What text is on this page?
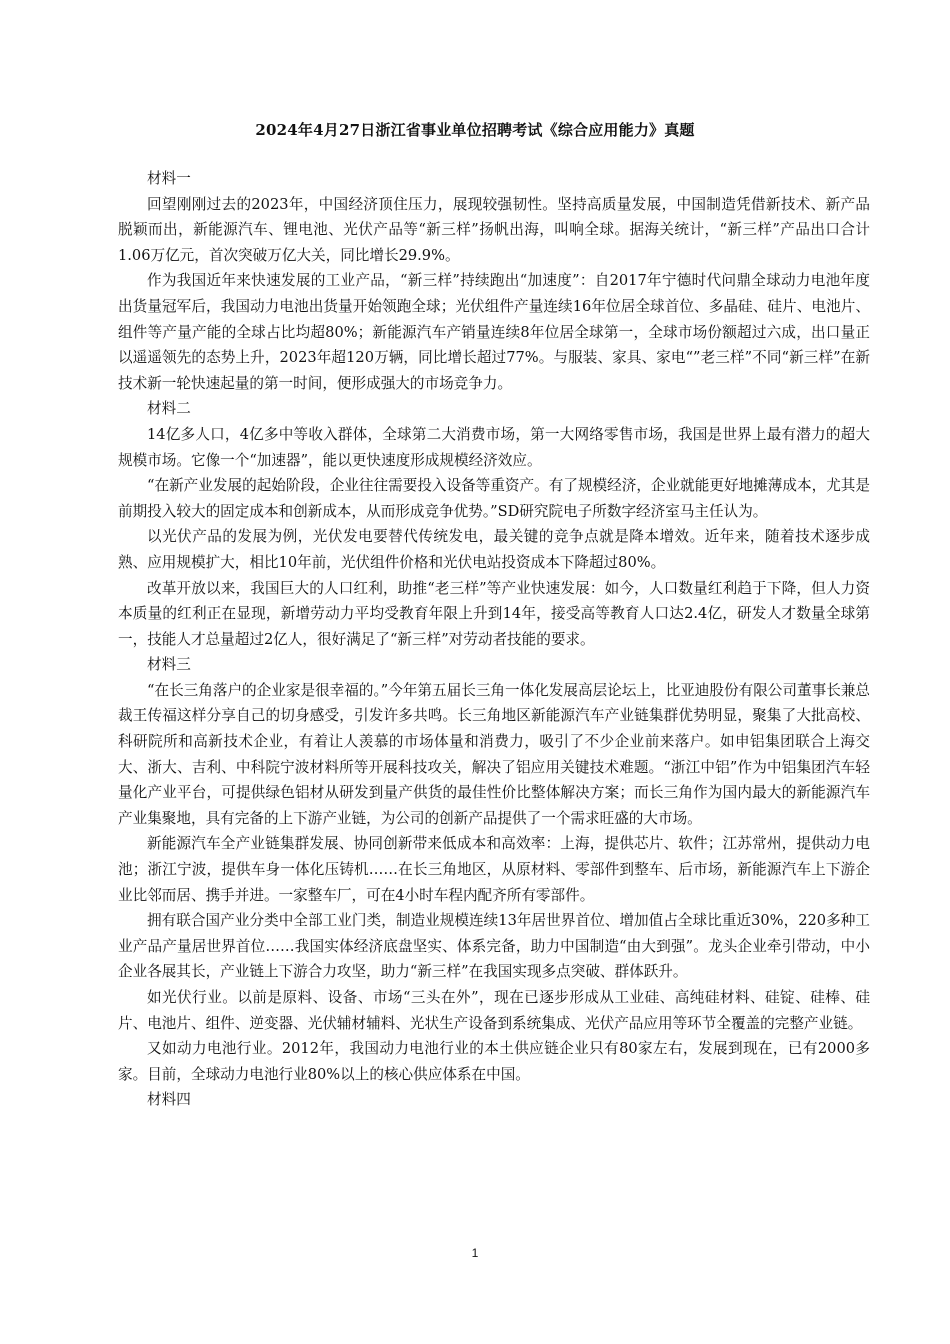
2024年4月27日浙江省事业单位招聘考试《综合应用能力》真题

材料一

回望刚刚过去的2023年，中国经济顶住压力，展现较强韧性。坚持高质量发展，中国制造凭借新技术、新产品脱颖而出，新能源汽车、锂电池、光伏产品等“新三样”扬帆出海，叫响全球。据海关统计，“新三样”产品出口合计1.06万亿元，首次突破万亿大关，同比增长29.9%。

作为我国近年来快速发展的工业产品，“新三样”持续跑出“加速度”：自2017年宁德时代问鼎全球动力电池年度出货量冠军后，我国动力电池出货量开始领跑全球；光伏组件产量连续16年位居全球首位、多晶硅、硅片、电池片、组件等产量产能的全球占比均超80%；新能源汽车产销量连续8年位居全球第一，全球市场份额超过六成，出口量正以遥遥领先的态势上升，2023年超120万辆，同比增长超过77%。与服装、家具、家电“”老三样”不同“新三样”在新技术新一轮快速起量的第一时间，便形成强大的市场竞争力。

材料二

14亿多人口，4亿多中等收入群体，全球第二大消费市场，第一大网络零售市场，我国是世界上最有潜力的超大规模市场。它像一个“加速器”，能以更快速度形成规模经济效应。

“在新产业发展的起始阶段，企业往往需要投入设备等重资产。有了规模经济，企业就能更好地摊薄成本，尤其是前期投入较大的固定成本和创新成本，从而形成竞争优势。”SD研究院电子所数字经济室马主任认为。

以光伏产品的发展为例，光伏发电要替代传统发电，最关键的竞争点就是降本增效。近年来，随着技术逐步成熟、应用规模扩大，相比10年前，光伏组件价格和光伏电站投资成本下降超过80%。

改革开放以来，我国巨大的人口红利，助推“老三样”等产业快速发展：如今，人口数量红利趋于下降，但人力资本质量的红利正在显现，新增劳动力平均受教育年限上升到14年，接受高等教育人口达2.4亿，研发人才数量全球第一，技能人才总量超过2亿人，很好满足了“新三样”对劳动者技能的要求。

材料三

“在长三角落户的企业家是很幸福的。”今年第五届长三角一体化发展高层论坛上，比亚迪股份有限公司董事长兼总裁王传福这样分享自己的切身感受，引发许多共鸣。长三角地区新能源汽车产业链集群优势明显，聚集了大批高校、科研院所和高新技术企业，有着让人羡慕的市场体量和消费力，吸引了不少企业前来落户。如申铝集团联合上海交大、浙大、吉利、中科院宁波材料所等开展科技攻关，解决了铝应用关键技术难题。“浙江中铝”作为中铝集团汽车轻量化产业平台，可提供绿色铝材从研发到量产供货的最佳性价比整体解决方案；而长三角作为国内最大的新能源汽车产业集聚地，具有完备的上下游产业链，为公司的创新产品提供了一个需求旺盛的大市场。

新能源汽车全产业链集群发展、协同创新带来低成本和高效率：上海，提供芯片、软件；江苏常州，提供动力电池；浙江宁波，提供车身一体化压铸机……在长三角地区，从原材料、零部件到整车、后市场，新能源汽车上下游企业比邻而居、携手并进。一家整车厂，可在4小时车程内配齐所有零部件。

拥有联合国产业分类中全部工业门类，制造业规模连续13年居世界首位、增加值占全球比重近30%，220多种工业产品产量居世界首位……我国实体经济底盘坚实、体系完备，助力中国制造“由大到强”。龙头企业牵引带动，中小企业各展其长，产业链上下游合力攻坚，助力“新三样”在我国实现多点突破、群体跃升。

如光伏行业。以前是原料、设备、市场“三头在外”，现在已逐步形成从工业硅、高纯硅材料、硅锭、硅棒、硅片、电池片、组件、逆变器、光伏辅材辅料、光状生产设备到系统集成、光伏产品应用等环节全覆盖的完整产业链。

又如动力电池行业。2012年，我国动力电池行业的本土供应链企业只有80家左右，发展到现在，已有2000多家。目前，全球动力电池行业80%以上的核心供应体系在中国。

材料四

1
